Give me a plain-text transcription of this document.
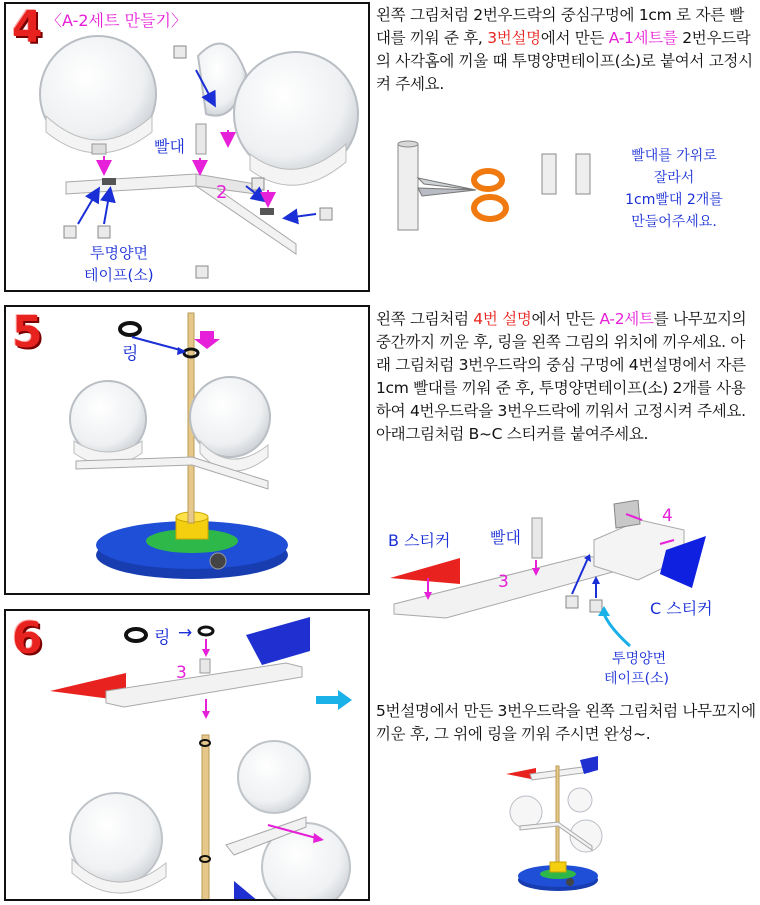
4 〈A-2세트 만들기〉
빨대
2
투명양면
테이프(소)
왼쪽 그림처럼 2번우드락의 중심구멍에 1cm 로 자른 빨대를 끼워 준 후, 3번설명에서 만든 A-1세트를 2번우드락의 사각홈에 끼울 때 투명양면테이프(소)로 붙여서 고정시켜 주세요.
빨대를 가위로
잘라서
1cm빨대 2개를
만들어주세요.
5	링
왼쪽 그림처럼 4번 설명에서 만든 A-2세트를 나무꼬지의 중간까지 끼운 후, 링을 왼쪽 그림의 위치에 끼우세요. 아래 그림처럼 3번우드락의 중심 구멍에 4번설명에서 자른 1cm 빨대를 끼워 준 후, 투명양면테이프(소) 2개를 사용하여 4번우드락을 3번우드락에 끼워서 고정시켜 주세요. 아래그림처럼 B~C 스티커를 붙여주세요.
B 스티커 빨대
3
4
C 스티커
투명양면
테이프(소)
6	링 →
3
5번설명에서 만든 3번우드락을 왼쪽 그림처럼 나무꼬지에 끼운 후, 그 위에 링을 끼워 주시면 완성~.
